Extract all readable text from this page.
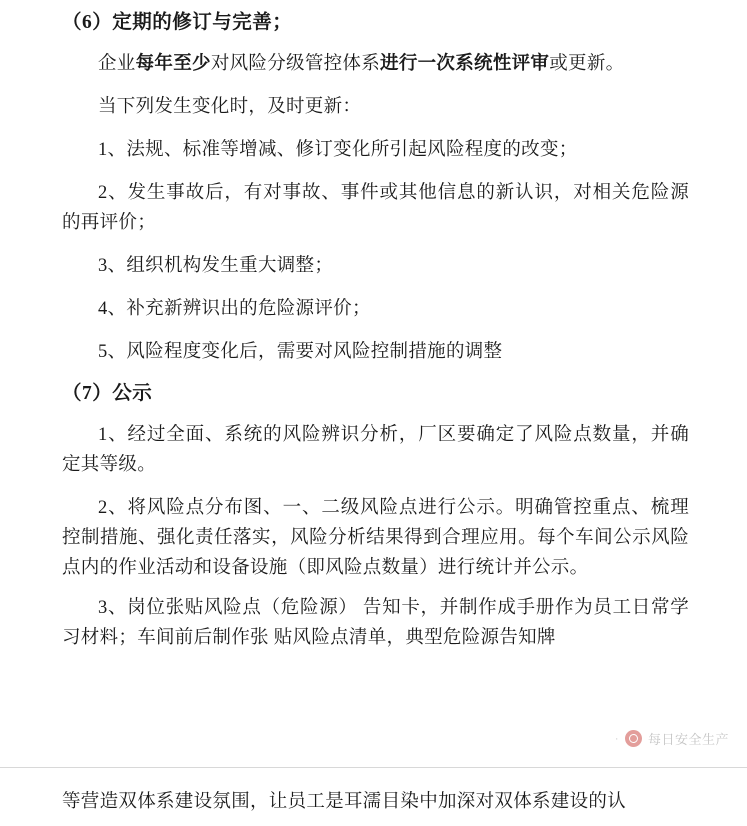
（6）定期的修订与完善；
企业每年至少对风险分级管控体系进行一次系统性评审或更新。
当下列发生变化时，及时更新：
1、法规、标准等增减、修订变化所引起风险程度的改变；
2、发生事故后，有对事故、事件或其他信息的新认识，对相关危险源的再评价；
3、组织机构发生重大调整；
4、补充新辨识出的危险源评价；
5、风险程度变化后，需要对风险控制措施的调整
（7）公示
1、经过全面、系统的风险辨识分析，厂区要确定了风险点数量，并确定其等级。
2、将风险点分布图、一、二级风险点进行公示。明确管控重点、梳理控制措施、强化责任落实，风险分析结果得到合理应用。每个车间公示风险点内的作业活动和设备设施（即风险点数量）进行统计并公示。
3、岗位张贴风险点（危险源） 告知卡，并制作成手册作为员工日常学习材料；车间前后制作张 贴风险点清单，典型危险源告知牌
· 每日安全生产
等营造双体系建设氛围，让员工是耳濡目染中加深对双体系建设的认
